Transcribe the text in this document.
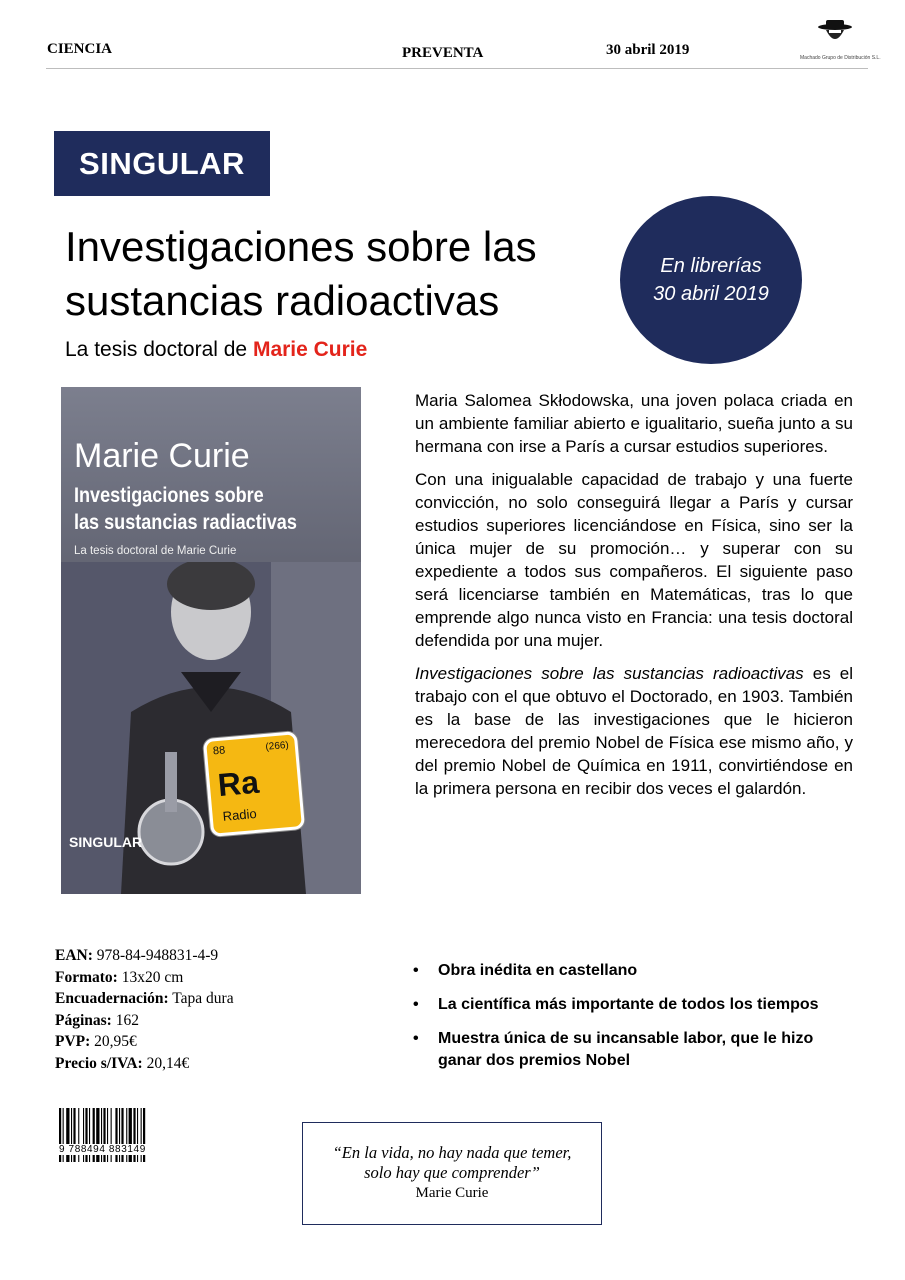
CIENCIA	PREVENTA	30 abril 2019	Machado Grupo de Distribución S.L.
SINGULAR
Investigaciones sobre las
sustancias radioactivas
La tesis doctoral de Marie Curie
En librerías
30 abril 2019
Marie Curie
Investigaciones sobre
las sustancias radiactivas
La tesis doctoral de Marie Curie
88	(266)
Ra
Radio
SINGULAR

Maria Salomea Skłodowska, una joven polaca criada en un ambiente familiar abierto e igualitario, sueña junto a su hermana con irse a París a cursar estudios superiores.

Con una inigualable capacidad de trabajo y una fuerte convicción, no solo conseguirá llegar a París y cursar estudios superiores licenciándose en Física, sino ser la única mujer de su promoción… y superar con su expediente a todos sus compañeros. El siguiente paso será licenciarse también en Matemáticas, tras lo que emprende algo nunca visto en Francia: una tesis doctoral defendida por una mujer.

Investigaciones sobre las sustancias radioactivas es el trabajo con el que obtuvo el Doctorado, en 1903. También es la base de las investigaciones que le hicieron merecedora del premio Nobel de Física ese mismo año, y del premio Nobel de Química en 1911, convirtiéndose en la primera persona en recibir dos veces el galardón.

EAN: 978-84-948831-4-9
Formato: 13x20 cm
Encuadernación: Tapa dura
Páginas: 162
PVP: 20,95€
Precio s/IVA: 20,14€
• Obra inédita en castellano
• La científica más importante de todos los tiempos
• Muestra única de su incansable labor, que le hizo ganar dos premios Nobel
9 788494 883149	“En la vida, no hay nada que temer,
solo hay que comprender”
Marie Curie
